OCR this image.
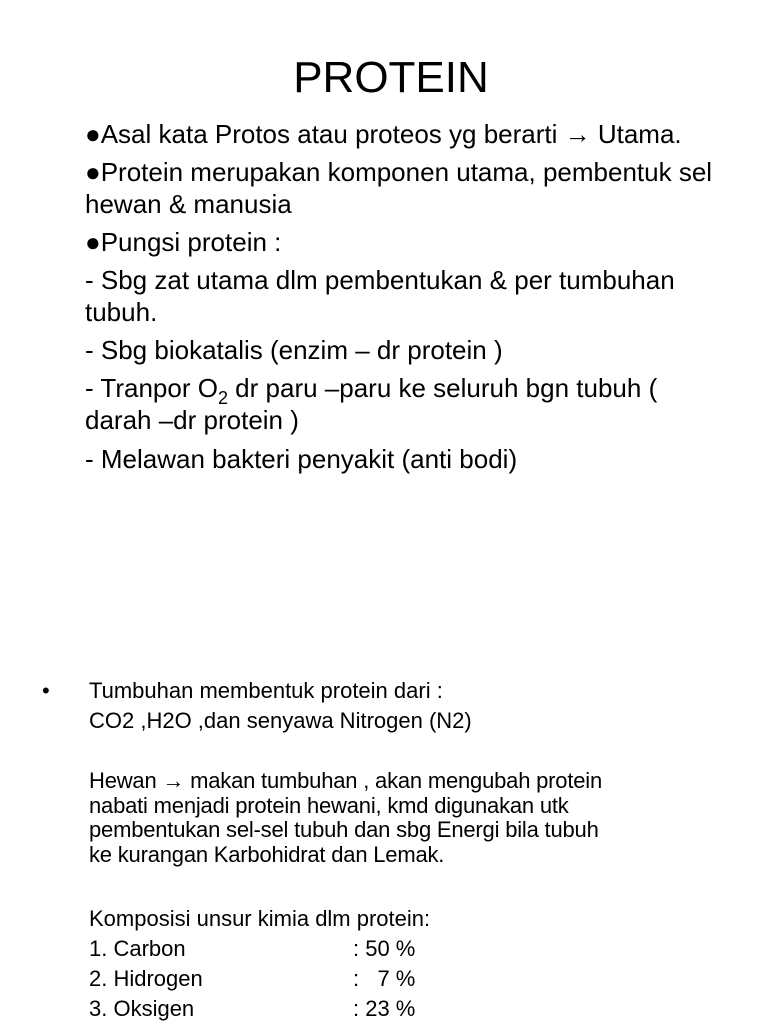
PROTEIN

●Asal kata Protos atau proteos yg berarti → Utama.

●Protein merupakan komponen utama, pembentuk sel hewan & manusia

●Pungsi protein :

- Sbg zat utama dlm pembentukan & per tumbuhan tubuh.

- Sbg biokatalis (enzim – dr protein )

- Tranpor $O_2$ dr paru –paru ke seluruh bgn tubuh ( darah –dr protein )

- Melawan bakteri penyakit (anti bodi)

• Tumbuhan membentuk protein dari :

CO2 ,H2O ,dan senyawa Nitrogen (N2)

Hewan → makan tumbuhan , akan mengubah protein

nabati menjadi protein hewani, kmd digunakan utk

pembentukan sel-sel tubuh dan sbg Energi bila tubuh

ke kurangan Karbohidrat dan Lemak.

Komposisi unsur kimia dlm protein:

1. Carbon	: 50 %
2. Hidrogen	:   7 %
3. Oksigen	: 23 %
